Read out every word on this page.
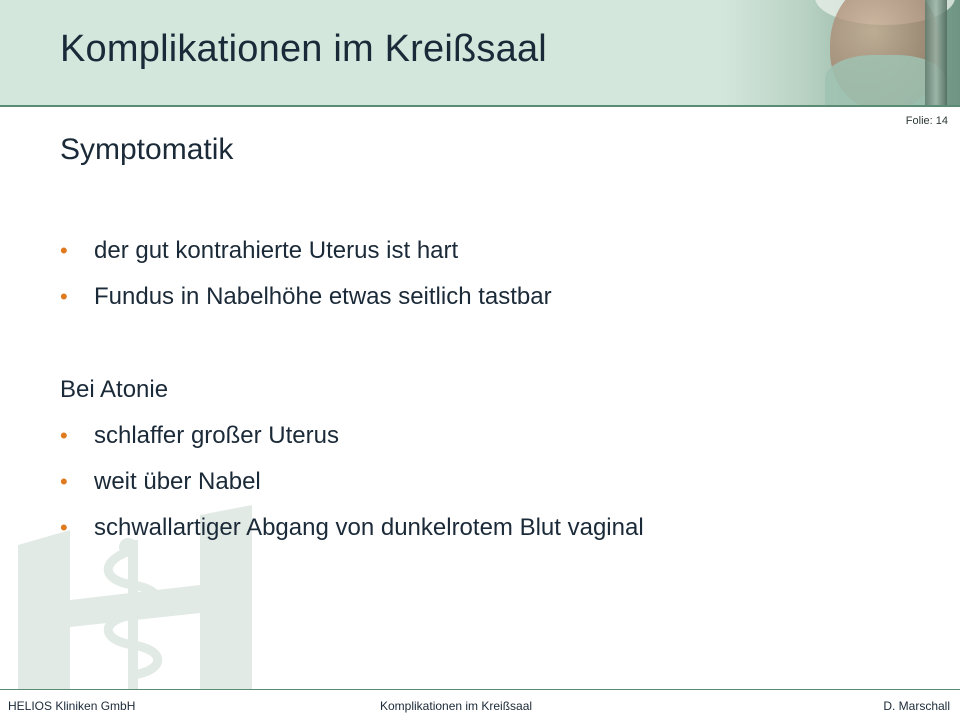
Komplikationen im Kreißsaal
Folie: 14
Symptomatik
• der gut kontrahierte Uterus ist hart
• Fundus in Nabelhöhe etwas seitlich tastbar
Bei Atonie
• schlaffer großer Uterus
• weit über Nabel
• schwallartiger Abgang von dunkelrotem Blut vaginal
HELIOS Kliniken GmbH	Komplikationen im Kreißsaal	D. Marschall
